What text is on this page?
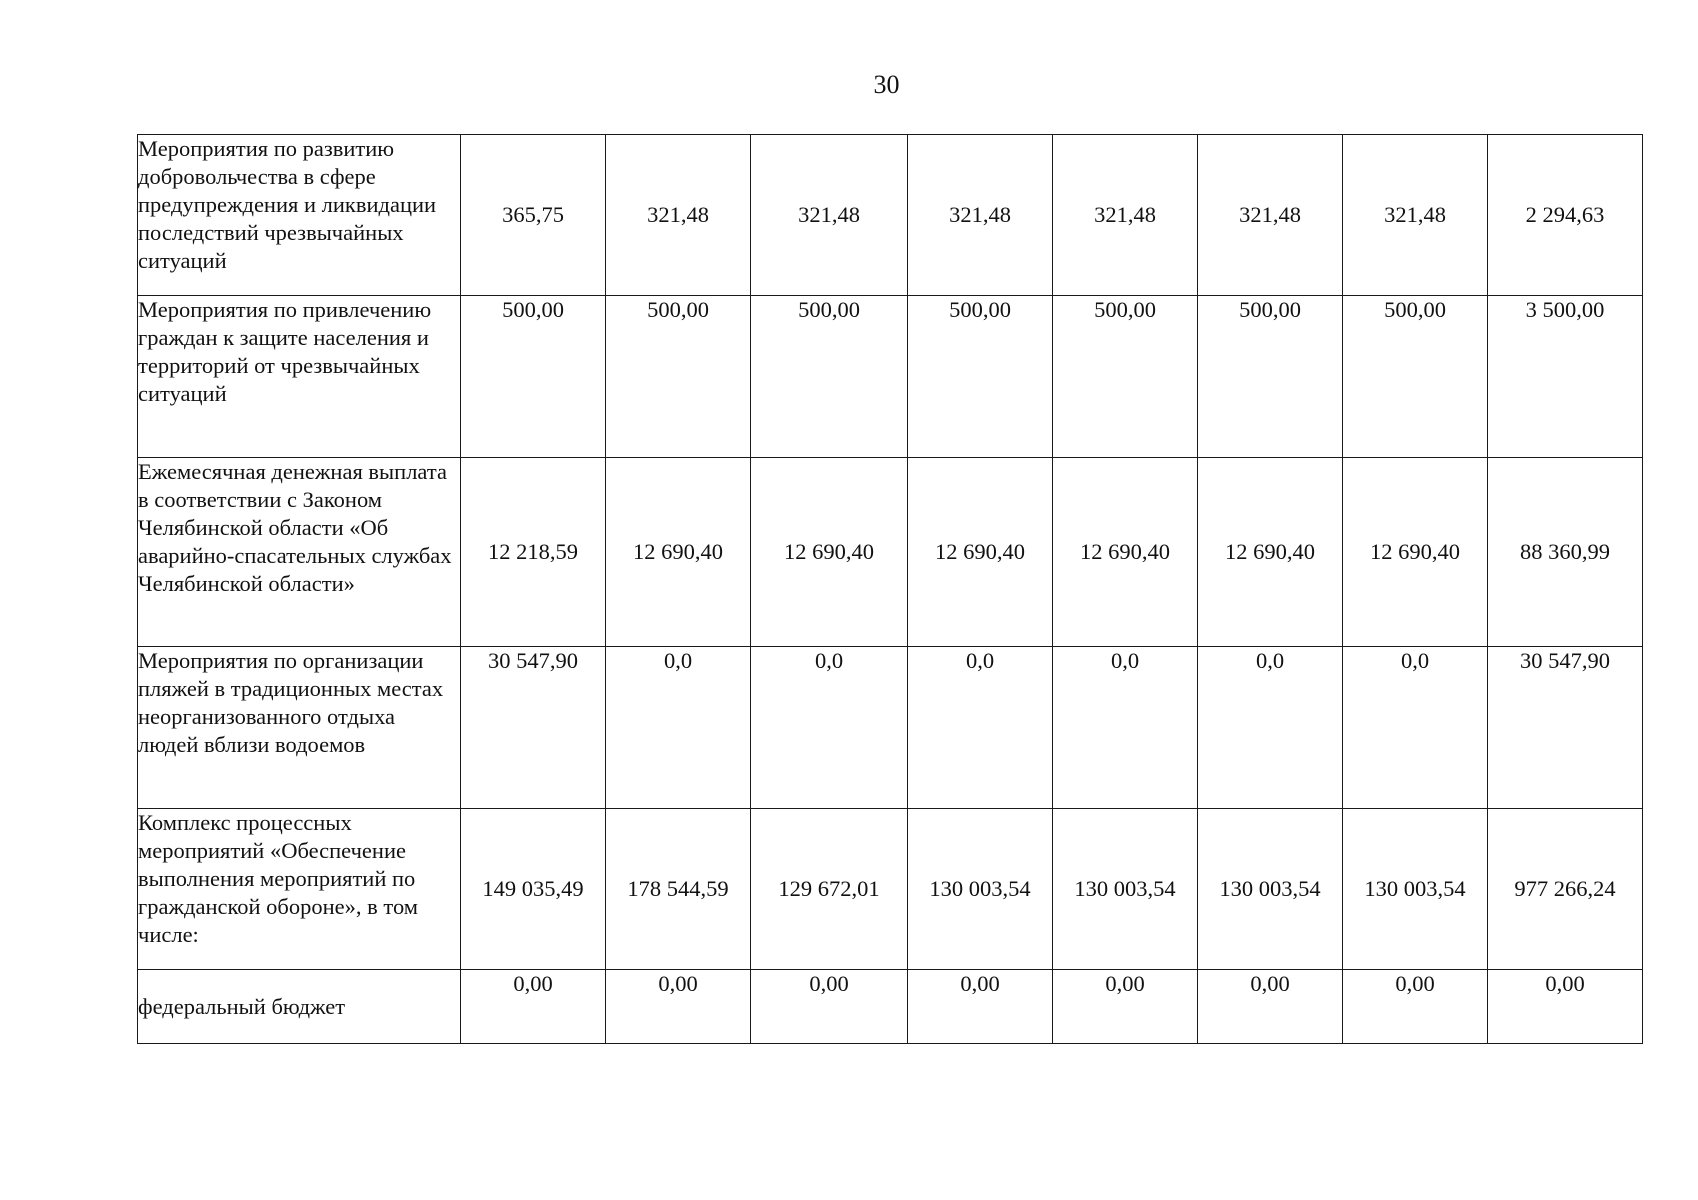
30
Мероприятия по развитию добровольчества в сфере предупреждения и ликвидации последствий чрезвычайных ситуаций	365,75	321,48	321,48	321,48	321,48	321,48	321,48	2 294,63
Мероприятия по привлечению граждан к защите населения и территорий от чрезвычайных ситуаций	500,00	500,00	500,00	500,00	500,00	500,00	500,00	3 500,00
Ежемесячная денежная выплата в соответствии с Законом Челябинской области «Об аварийно-спасательных службах Челябинской области»	12 218,59	12 690,40	12 690,40	12 690,40	12 690,40	12 690,40	12 690,40	88 360,99
Мероприятия по организации пляжей в традиционных местах неорганизованного отдыха людей вблизи водоемов	30 547,90	0,0	0,0	0,0	0,0	0,0	0,0	30 547,90
Комплекс процессных мероприятий «Обеспечение выполнения мероприятий по гражданской обороне», в том числе:	149 035,49	178 544,59	129 672,01	130 003,54	130 003,54	130 003,54	130 003,54	977 266,24
федеральный бюджет	0,00	0,00	0,00	0,00	0,00	0,00	0,00	0,00
